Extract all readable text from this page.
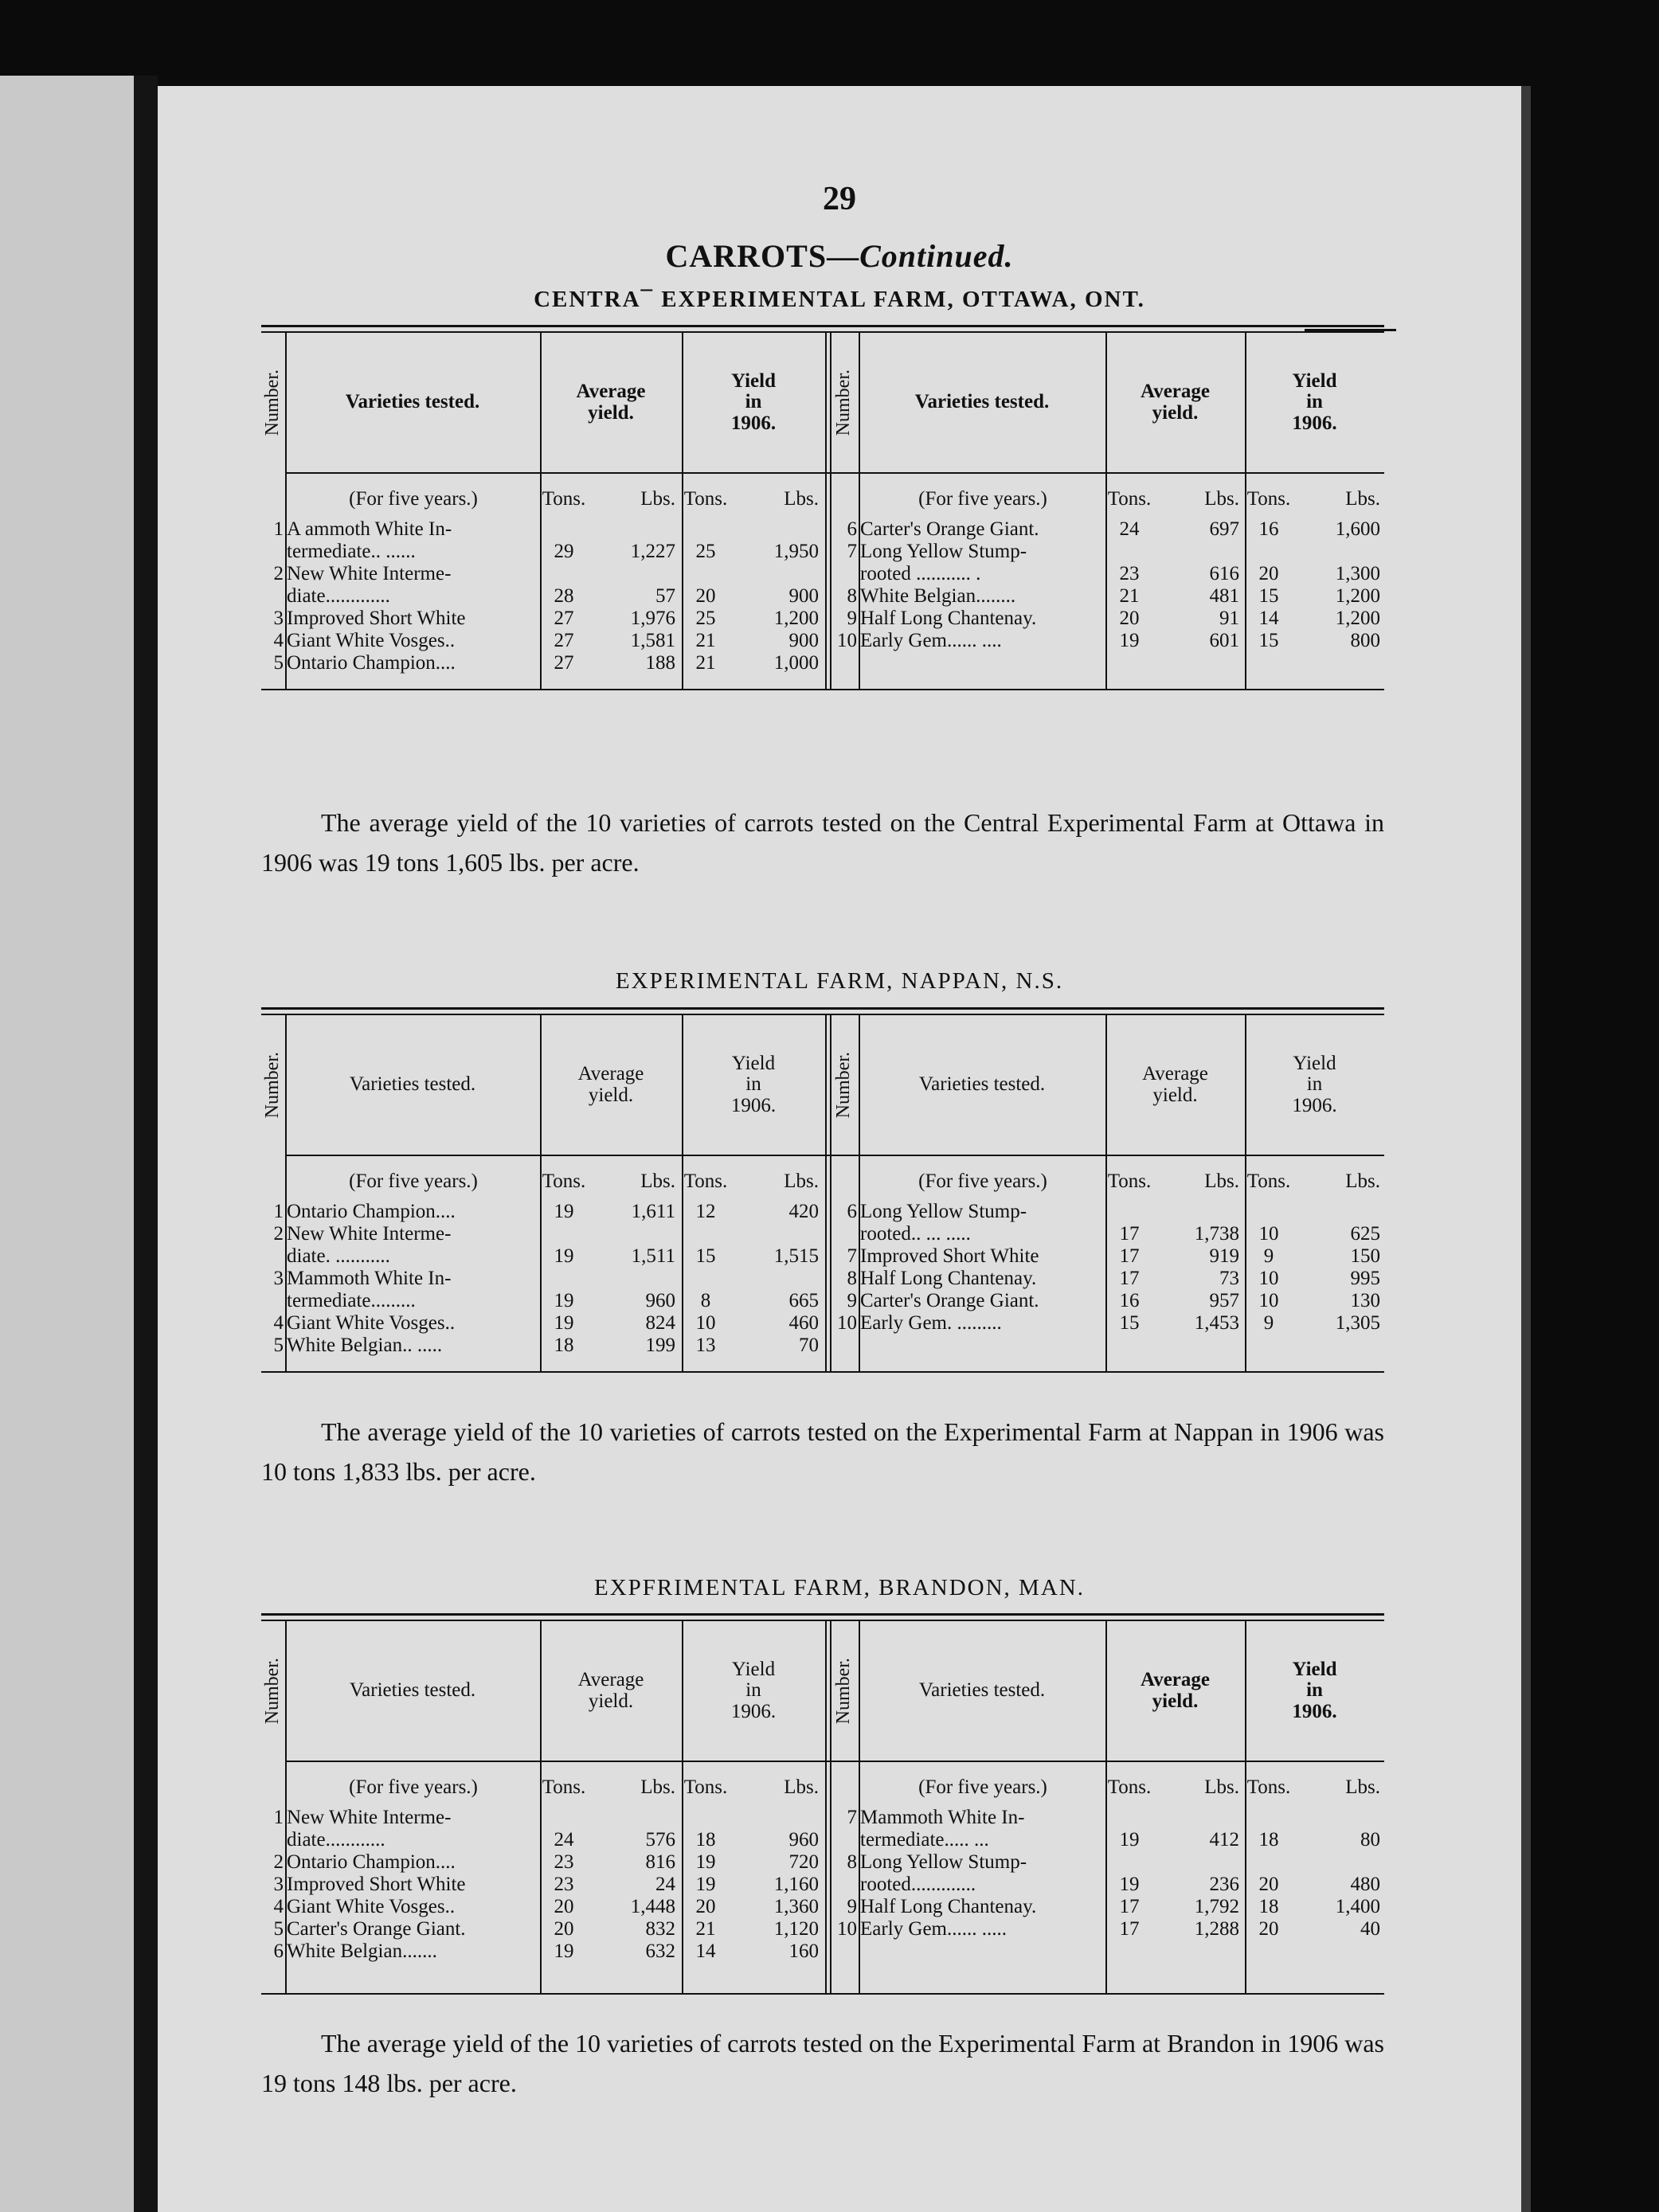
29
CARROTS—Continued.
CENTRA¯ EXPERIMENTAL FARM, OTTAWA, ONT.
Number.	Varieties tested.	Average
yield.
Yield
in
1906.	Number.	Varieties tested.	Average
yield.
Yield
in
1906.
(For five years.)	Tons.	Lbs. Tons.	Lbs.	(For five years.)	Tons.	Lbs. Tons.	Lbs.
1 A ammoth White In-
termediate.. ......	29	1,227	25	1,950
2 New White Interme-
diate.............	28	57	20	900
3 Improved Short White	27	1,976	25	1,200
4 Giant White Vosges..	27	1,581	21	900
5 Ontario Champion....	27	188	21	1,000
6 Carter's Orange Giant.	24	697 16	1,600
7 Long Yellow Stump-
rooted ........... .	23	616 20	1,300
8 White Belgian........	21	481 15	1,200
9 Half Long Chantenay.	20	91 14	1,200
10 Early Gem...... ....	19	601 15	800
The average yield of the 10 varieties of carrots tested on the Central Experimental Farm at Ottawa in 1906 was 19 tons 1,605 lbs. per acre.
EXPERIMENTAL FARM, NAPPAN, N.S.
Number.	Varieties tested.	Average
yield.
Yield
in
1906.	Number.	Varieties tested.	Average
yield.
Yield
in
1906.
(For five years.)	Tons.	Lbs. Tons.	Lbs.	(For five years.)	Tons.	Lbs. Tons.	Lbs.
1 Ontario Champion....	19	1,611	12	420
2 New White Interme-
diate. ...........	19	1,511	15	1,515
3 Mammoth White In-
termediate.........	19	960	8	665
4 Giant White Vosges..	19	824	10	460
5 White Belgian.. .....	18	199	13	70
6 Long Yellow Stump-
rooted.. ... .....	17	1,738 10	625
7 Improved Short White	17	919	9	150
8 Half Long Chantenay.	17	73 10	995
9 Carter's Orange Giant.	16	957 10	130
10 Early Gem. .........	15	1,453	9	1,305
The average yield of the 10 varieties of carrots tested on the Experimental Farm at Nappan in 1906 was 10 tons 1,833 lbs. per acre.
EXPFRIMENTAL FARM, BRANDON, MAN.
Number.	Varieties tested.	Average
yield.
Yield
in
1906.	Number.	Varieties tested.	Average
yield.
Yield
in
1906.
(For five years.)	Tons.	Lbs. Tons.	Lbs.	(For five years.)	Tons.	Lbs. Tons.	Lbs.
1 New White Interme-
diate............	24	576	18	960
2 Ontario Champion....	23	816	19	720
3 Improved Short White	23	24	19	1,160
4 Giant White Vosges..	20	1,448	20	1,360
5 Carter's Orange Giant.	20	832	21	1,120
6 White Belgian.......	19	632	14	160
7 Mammoth White In-
termediate..... ...	19	412 18	80
8 Long Yellow Stump-
rooted.............	19	236 20	480
9 Half Long Chantenay.	17	1,792 18	1,400
10 Early Gem...... .....	17	1,288 20	40
The average yield of the 10 varieties of carrots tested on the Experimental Farm at Brandon in 1906 was 19 tons 148 lbs. per acre.
